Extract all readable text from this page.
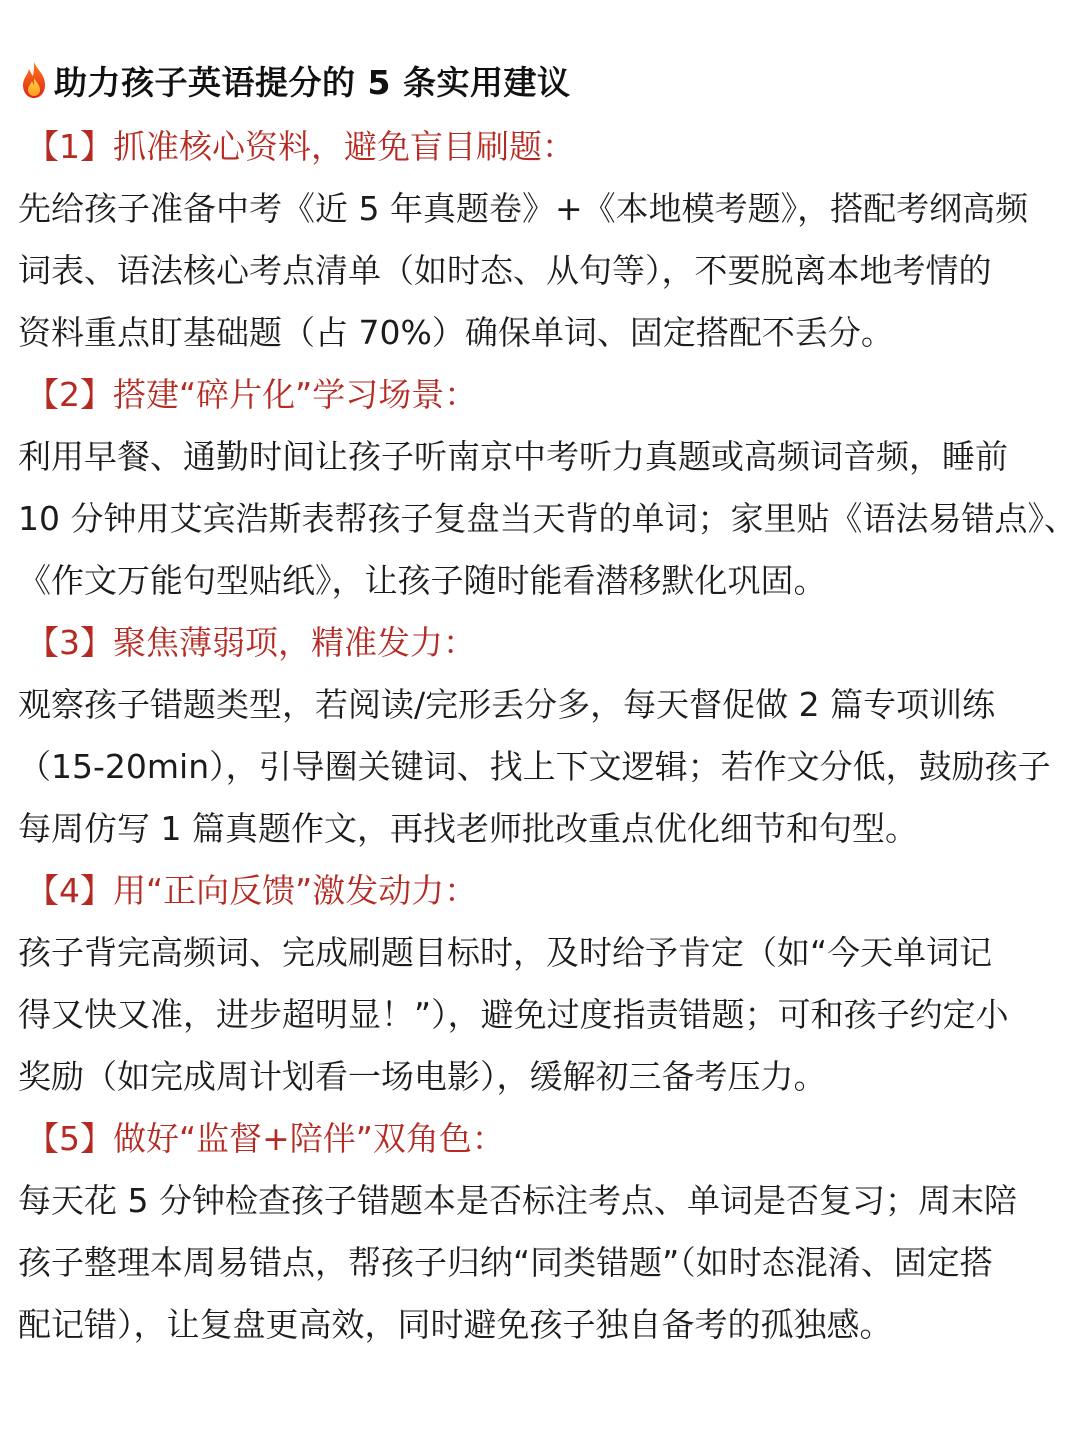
助力孩子英语提分的 5 条实用建议
【1】抓准核心资料，避免盲目刷题：
先给孩子准备中考《近 5 年真题卷》+《本地模考题》，搭配考纲高频
词表、语法核心考点清单（如时态、从句等），不要脱离本地考情的
资料重点盯基础题（占 70%）确保单词、固定搭配不丢分。
【2】搭建“碎片化”学习场景：
利用早餐、通勤时间让孩子听南京中考听力真题或高频词音频，睡前
10 分钟用艾宾浩斯表帮孩子复盘当天背的单词；家里贴《语法易错点》、
《作文万能句型贴纸》，让孩子随时能看潜移默化巩固。
【3】聚焦薄弱项，精准发力：
观察孩子错题类型，若阅读/完形丢分多，每天督促做 2 篇专项训练
（15-20min），引导圈关键词、找上下文逻辑；若作文分低，鼓励孩子
每周仿写 1 篇真题作文，再找老师批改重点优化细节和句型。
【4】用“正向反馈”激发动力：
孩子背完高频词、完成刷题目标时，及时给予肯定（如“今天单词记
得又快又准，进步超明显！”），避免过度指责错题；可和孩子约定小
奖励（如完成周计划看一场电影），缓解初三备考压力。
【5】做好“监督+陪伴”双角色：
每天花 5 分钟检查孩子错题本是否标注考点、单词是否复习；周末陪
孩子整理本周易错点，帮孩子归纳“同类错题”（如时态混淆、固定搭
配记错），让复盘更高效，同时避免孩子独自备考的孤独感。
